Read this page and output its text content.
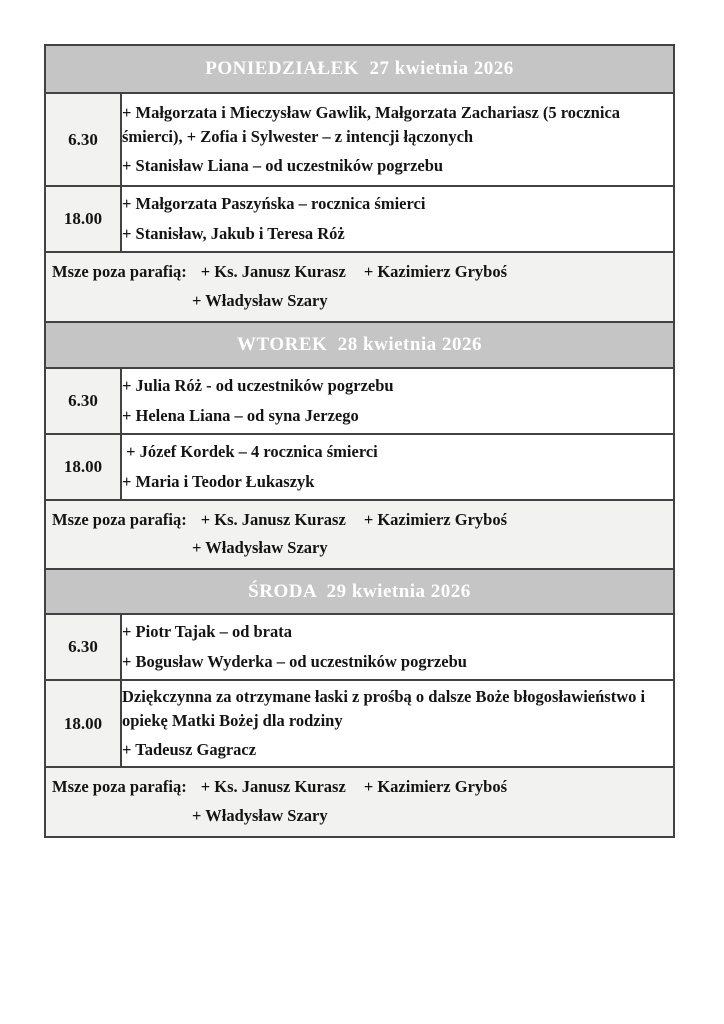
PONIEDZIAŁEK  27 kwietnia 2026	
6.30	+ Małgorzata i Mieczysław Gawlik, Małgorzata Zachariasz (5 rocznica śmierci), + Zofia i Sylwester – z intencji łączonych

+ Stanisław Liana – od uczestników pogrzebu

18.00	+ Małgorzata Paszyńska – rocznica śmierci

+ Stanisław, Jakub i Teresa Róż

Msze poza parafią: + Ks. Janusz Kurasz + Kazimierz Gryboś
+ Władysław Szary	

WTOREK  28 kwietnia 2026	
6.30	+ Julia Róż - od uczestników pogrzebu

+ Helena Liana – od syna Jerzego

18.00	+ Józef Kordek – 4 rocznica śmierci

+ Maria i Teodor Łukaszyk

Msze poza parafią: + Ks. Janusz Kurasz + Kazimierz Gryboś
+ Władysław Szary	

ŚRODA  29 kwietnia 2026	
6.30	+ Piotr Tajak – od brata

+ Bogusław Wyderka – od uczestników pogrzebu

18.00	Dziękczynna za otrzymane łaski z prośbą o dalsze Boże błogosławieństwo i opiekę Matki Bożej dla rodziny

+ Tadeusz Gagracz

Msze poza parafią: + Ks. Janusz Kurasz + Kazimierz Gryboś
+ Władysław Szary	
